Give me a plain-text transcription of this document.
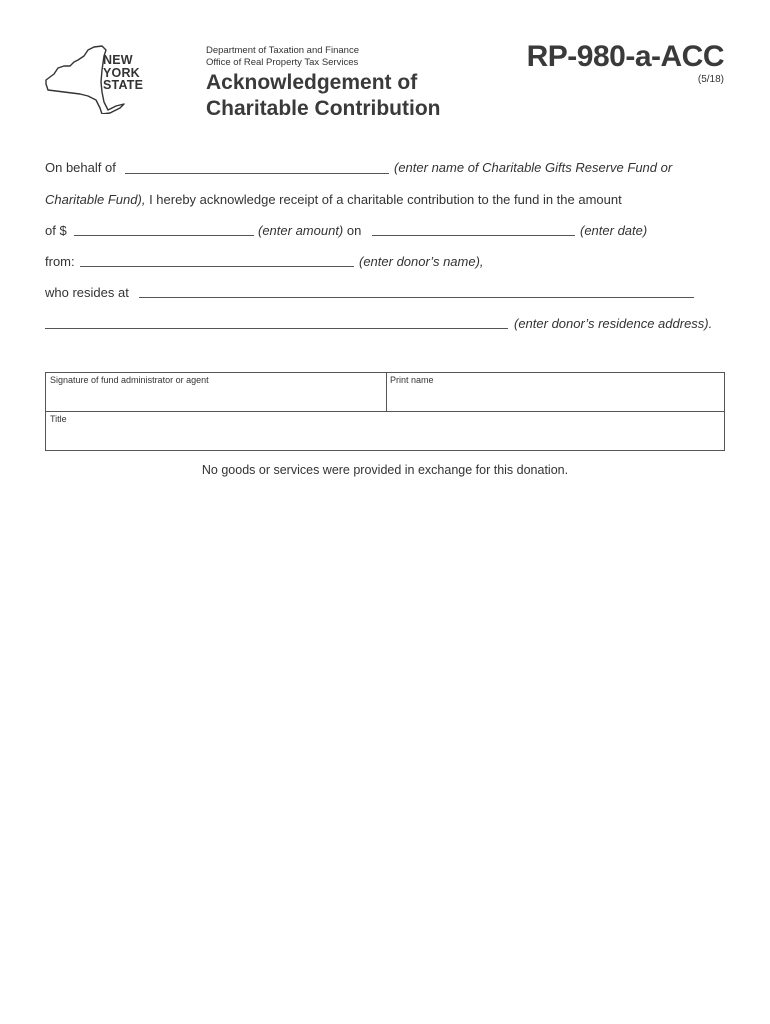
NEW
YORK
STATE
Department of Taxation and Finance
Office of Real Property Tax Services
Acknowledgement of
Charitable Contribution
RP-980-a-ACC
(5/18)
On behalf of	(enter name of Charitable Gifts Reserve Fund or
Charitable Fund), I hereby acknowledge receipt of a charitable contribution to the fund in the amount
of $	(enter amount) on	(enter date)
from:	(enter donor’s name),
who resides at
(enter donor’s residence address).
Signature of fund administrator or agent	Print name
Title
No goods or services were provided in exchange for this donation.
